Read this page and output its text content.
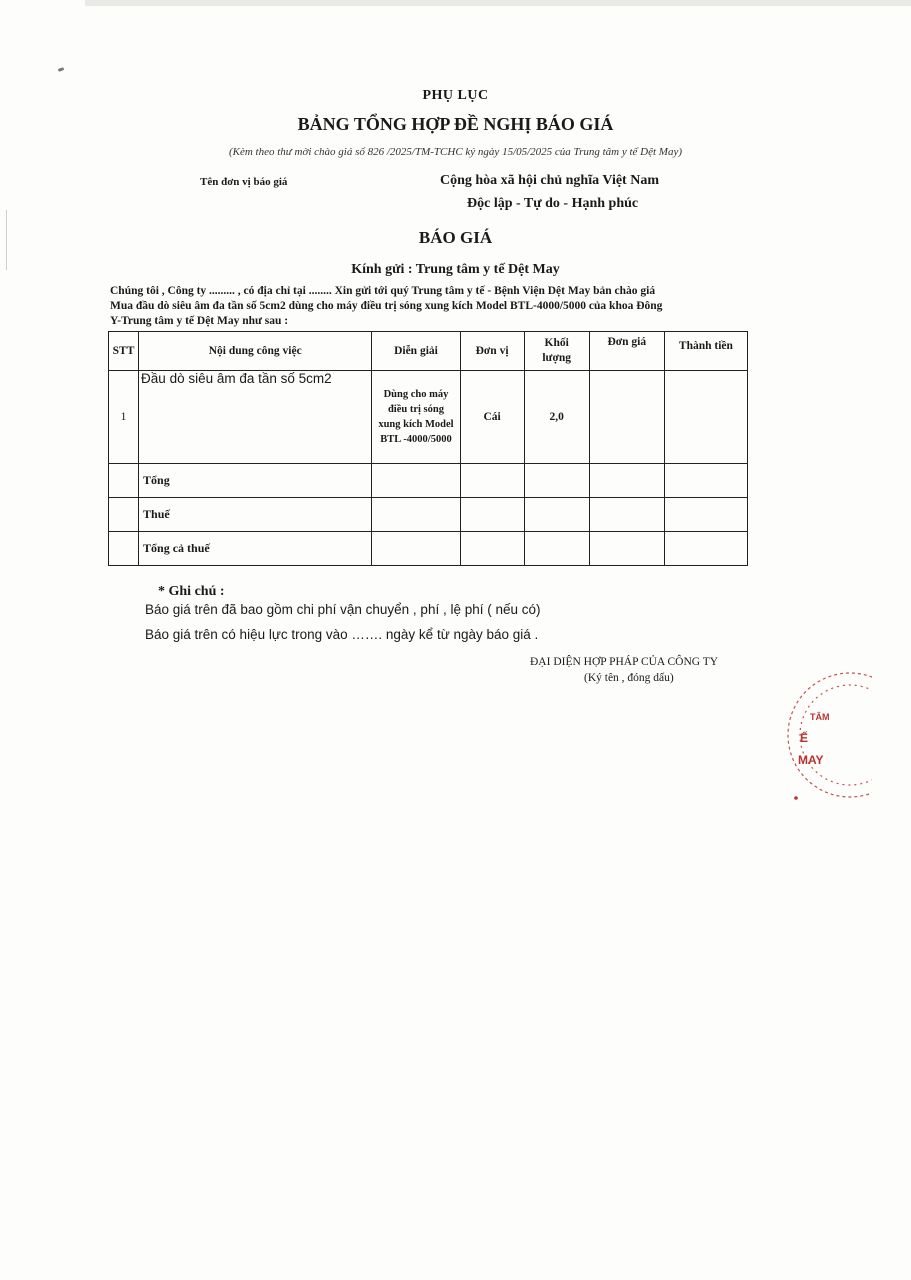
PHỤ LỤC
BẢNG TỔNG HỢP ĐỀ NGHỊ BÁO GIÁ
(Kèm theo thư mời chào giá số 826 /2025/TM-TCHC ký ngày 15/05/2025 của Trung tâm y tế Dệt May)
Tên đơn vị báo giá	Cộng hòa xã hội chủ nghĩa Việt Nam
Độc lập - Tự do - Hạnh phúc
BÁO GIÁ
Kính gửi : Trung tâm y tế Dệt May
Chúng tôi , Công ty ......... , có địa chỉ tại ........ Xin gửi tới quý Trung tâm y tế - Bệnh Viện Dệt May bản chào giá
Mua đầu dò siêu âm đa tần số 5cm2 dùng cho máy điều trị sóng xung kích Model BTL-4000/5000 của khoa Đông
Y-Trung tâm y tế Dệt May như sau :
STT	Nội dung công việc	Diễn giải	Đơn vị	Khối
lượng	Đơn giá	Thành tiền
1	Đầu dò siêu âm đa tần số 5cm2	Dùng cho máy
điều trị sóng
xung kích Model
BTL -4000/5000	Cái	2,0		
	Tổng					
	Thuế					
	Tổng cả thuế					
* Ghi chú :
Báo giá trên đã bao gồm chi phí vận chuyển , phí , lệ phí ( nếu có)
Báo giá trên có hiệu lực trong vào ……. ngày kể từ ngày báo giá .
ĐẠI DIỆN HỢP PHÁP CỦA CÔNG TY
(Ký tên , đóng dấu)
TÂM
Ế
MAY
